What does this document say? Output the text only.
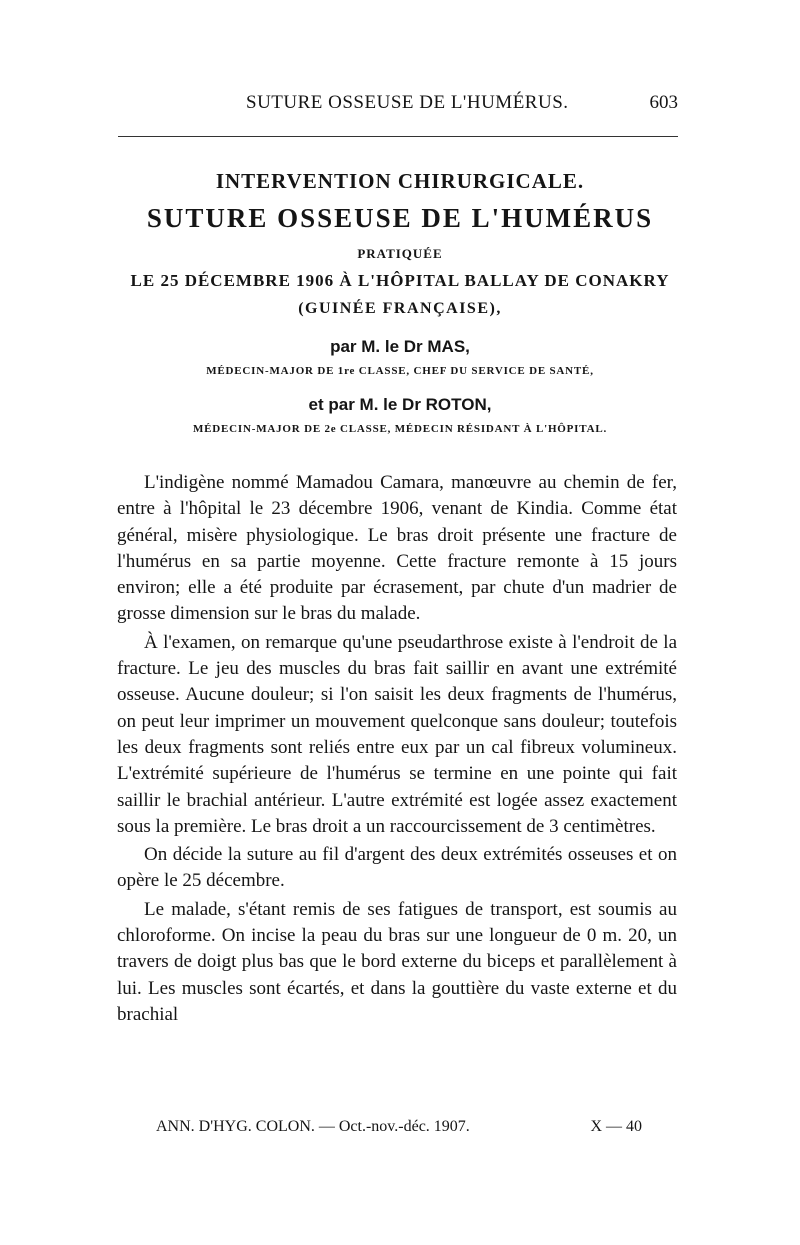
SUTURE OSSEUSE DE L'HUMÉRUS.	603
INTERVENTION CHIRURGICALE.
SUTURE OSSEUSE DE L'HUMÉRUS
PRATIQUÉE
LE 25 DÉCEMBRE 1906 À L'HÔPITAL BALLAY DE CONAKRY
(GUINÉE FRANÇAISE),
par M. le Dr MAS,
MÉDECIN-MAJOR DE 1re CLASSE, CHEF DU SERVICE DE SANTÉ,
et par M. le Dr ROTON,
MÉDECIN-MAJOR DE 2e CLASSE, MÉDECIN RÉSIDANT À L'HÔPITAL.

L'indigène nommé Mamadou Camara, manœuvre au chemin de fer, entre à l'hôpital le 23 décembre 1906, venant de Kindia. Comme état général, misère physiologique. Le bras droit présente une fracture de l'humérus en sa partie moyenne. Cette fracture remonte à 15 jours environ; elle a été produite par écrasement, par chute d'un madrier de grosse dimension sur le bras du malade.

À l'examen, on remarque qu'une pseudarthrose existe à l'endroit de la fracture. Le jeu des muscles du bras fait saillir en avant une extrémité osseuse. Aucune douleur; si l'on saisit les deux fragments de l'humérus, on peut leur imprimer un mouvement quelconque sans douleur; toutefois les deux fragments sont reliés entre eux par un cal fibreux volumineux. L'extrémité supérieure de l'humérus se termine en une pointe qui fait saillir le brachial antérieur. L'autre extrémité est logée assez exactement sous la première. Le bras droit a un raccourcissement de 3 centimètres.

On décide la suture au fil d'argent des deux extrémités osseuses et on opère le 25 décembre.

Le malade, s'étant remis de ses fatigues de transport, est soumis au chloroforme. On incise la peau du bras sur une longueur de 0 m. 20, un travers de doigt plus bas que le bord externe du biceps et parallèlement à lui. Les muscles sont écartés, et dans la gouttière du vaste externe et du brachial

ANN. D'HYG. COLON. — Oct.-nov.-déc. 1907.	X — 40
